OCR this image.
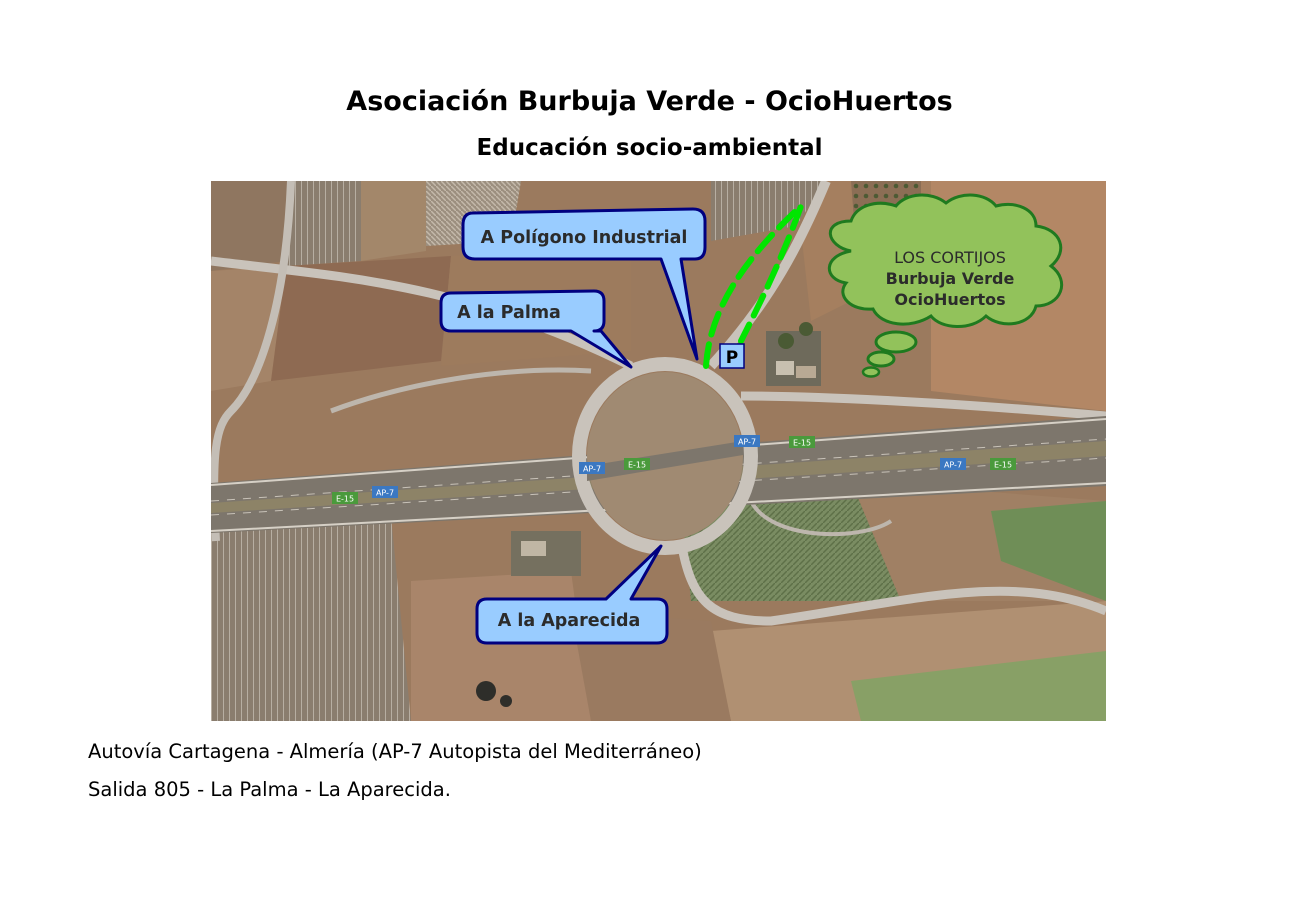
Asociación Burbuja Verde - OcioHuertos
Educación socio-ambiental
AP-7	E-15
AP-7	E-15	AP-7	E-15
E-15
AP-7
P
A Polígono Industrial
A la Palma
A la Aparecida
LOS CORTIJOS
Burbuja Verde
OcioHuertos
Autovía Cartagena - Almería (AP-7 Autopista del Mediterráneo)
Salida 805 - La Palma - La Aparecida.
